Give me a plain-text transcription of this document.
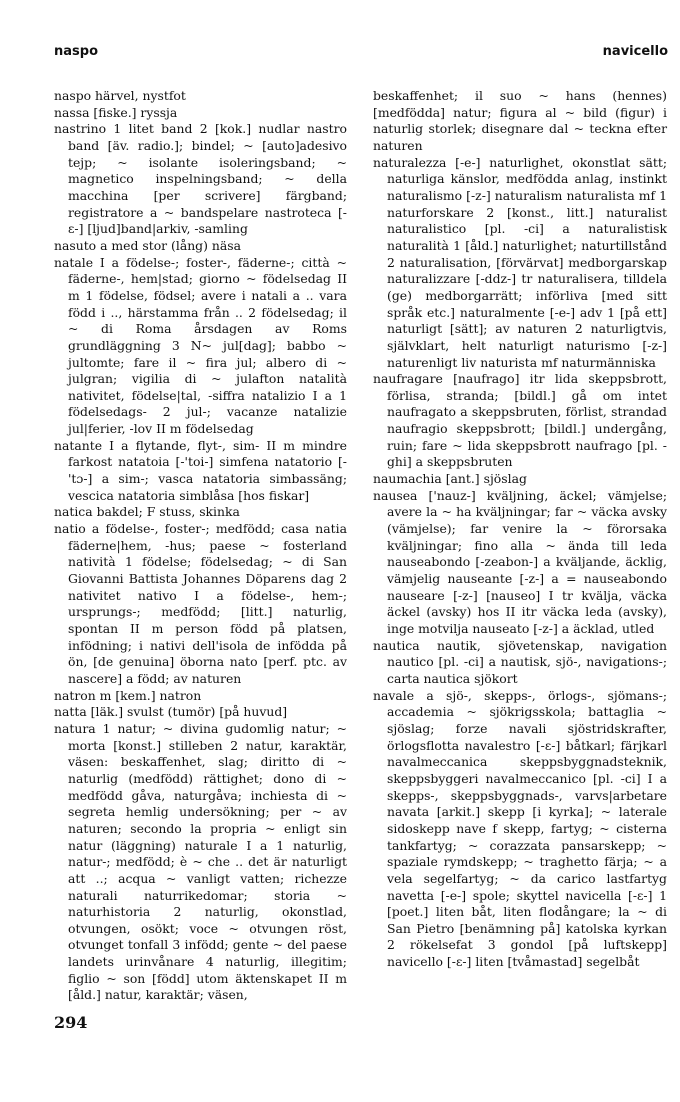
naspo	navicello

naspo härvel, nystfot

nassa [fiske.] ryssja

nastrino 1 litet band 2 [kok.] nudlar nastro band [äv. radio.]; bindel; ~ [auto]adesivo tejp; ~ isolante isoleringsband; ~ magnetico inspelningsband; ~ della macchina [per scrivere] färgband; registratore a ~ bandspelare nastroteca [-ɛ-] [ljud]band|arkiv, -samling

nasuto a med stor (lång) näsa

natale I a födelse-; foster-, fäderne-; città ~ fäderne-, hem|stad; giorno ~ födelsedag II m 1 födelse, födsel; avere i natali a .. vara född i .., härstamma från .. 2 födelsedag; il ~ di Roma årsdagen av Roms grundläggning 3 N~ jul[dag]; babbo ~ jultomte; fare il ~ fira jul; albero di ~ julgran; vigilia di ~ julafton natalità nativitet, födelse|tal, -siffra natalizio I a 1 födelsedags- 2 jul-; vacanze natalizie jul|ferier, -lov II m födelsedag

natante I a flytande, flyt-, sim- II m mindre farkost natatoia [-'toi-] simfena natatorio [-'tɔ-] a sim-; vasca natatoria simbassäng; vescica natatoria simblåsa [hos fiskar]

natica bakdel; F stuss, skinka

natio a födelse-, foster-; medfödd; casa natia fäderne|hem, -hus; paese ~ fosterland natività 1 födelse; födelsedag; ~ di San Giovanni Battista Johannes Döparens dag 2 nativitet nativo I a födelse-, hem-; ursprungs-; medfödd; [litt.] naturlig, spontan II m person född på platsen, infödning; i nativi dell'isola de infödda på ön, [de genuina] öborna nato [perf. ptc. av nascere] a född; av naturen

natron m [kem.] natron

natta [läk.] svulst (tumör) [på huvud]

natura 1 natur; ~ divina gudomlig natur; ~ morta [konst.] stilleben 2 natur, karaktär, väsen: beskaffenhet, slag; diritto di ~ naturlig (medfödd) rättighet; dono di ~ medfödd gåva, naturgåva; inchiesta di ~ segreta hemlig undersökning; per ~ av naturen; secondo la propria ~ enligt sin natur (läggning) naturale I a 1 naturlig, natur-; medfödd; è ~ che .. det är naturligt att ..; acqua ~ vanligt vatten; richezze naturali naturrikedomar; storia ~ naturhistoria 2 naturlig, okonstlad, otvungen, osökt; voce ~ otvungen röst, otvunget tonfall 3 infödd; gente ~ del paese landets urinvånare 4 naturlig, illegitim; figlio ~ son [född] utom äktenskapet II m [åld.] natur, karaktär; väsen,

beskaffenhet; il suo ~ hans (hennes) [medfödda] natur; figura al ~ bild (figur) i naturlig storlek; disegnare dal ~ teckna efter naturen

naturalezza [-e-] naturlighet, okonstlat sätt; naturliga känslor, medfödda anlag, instinkt naturalismo [-z-] naturalism naturalista mf 1 naturforskare 2 [konst., litt.] naturalist naturalistico [pl. -ci] a naturalistisk naturalità 1 [åld.] naturlighet; naturtillstånd 2 naturalisation, [förvärvat] medborgarskap naturalizzare [-ddz-] tr naturalisera, tilldela (ge) medborgarrätt; införliva [med sitt språk etc.] naturalmente [-e-] adv 1 [på ett] naturligt [sätt]; av naturen 2 naturligtvis, självklart, helt naturligt naturismo [-z-] naturenligt liv naturista mf naturmänniska

naufragare [naufrago] itr lida skeppsbrott, förlisa, stranda; [bildl.] gå om intet naufragato a skeppsbruten, förlist, strandad naufragio skeppsbrott; [bildl.] undergång, ruin; fare ~ lida skeppsbrott naufrago [pl. -ghi] a skeppsbruten

naumachia [ant.] sjöslag

nausea ['nauz-] kväljning, äckel; vämjelse; avere la ~ ha kväljningar; far ~ väcka avsky (vämjelse); far venire la ~ förorsaka kväljningar; fino alla ~ ända till leda nauseabondo [-zeabon-] a kväljande, äcklig, vämjelig nauseante [-z-] a = nauseabondo nauseare [-z-] [nauseo] I tr kväljа, väcka äckel (avsky) hos II itr väcka leda (avsky), inge motvilja nauseato [-z-] a äcklad, utled

nautica nautik, sjövetenskap, navigation nautico [pl. -ci] a nautisk, sjö-, navigations-; carta nautica sjökort

navale a sjö-, skepps-, örlogs-, sjömans-; accademia ~ sjökrigsskola; battaglia ~ sjöslag; forze navali sjöstridskrafter, örlogsflotta navalestro [-ɛ-] båtkarl; färjkarl navalmeccanica skeppsbyggnadsteknik, skeppsbyggeri navalmeccanico [pl. -ci] I a skepps-, skeppsbyggnads-, varvs|arbetare navata [arkit.] skepp [i kyrka]; ~ laterale sidoskepp nave f skepp, fartyg; ~ cisterna tankfartyg; ~ corazzata pansarskepp; ~ spaziale rymdskepp; ~ traghetto färja; ~ a vela segelfartyg; ~ da carico lastfartyg navetta [-e-] spole; skyttel navicella [-ɛ-] 1 [poet.] liten båt, liten flodångare; la ~ di San Pietro [benämning på] katolska kyrkan 2 rökelsefat 3 gondol [på luftskepp] navicello [-ɛ-] liten [tvåmastad] segelbåt

294
